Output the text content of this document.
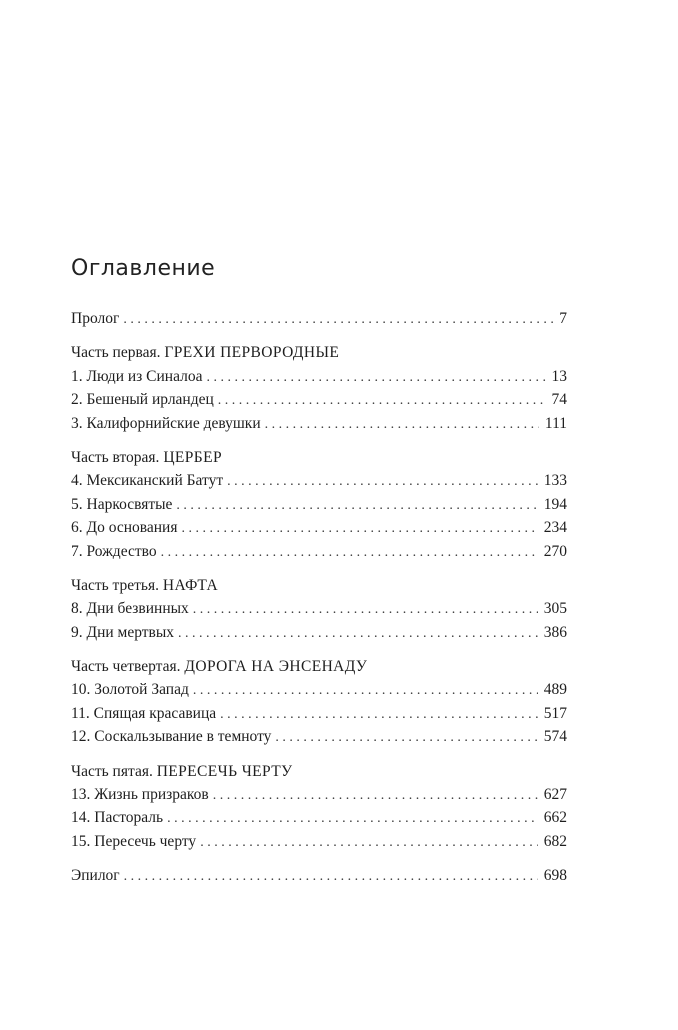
Оглавление
Пролог . . .	7
Часть первая. ГРЕХИ ПЕРВОРОДНЫЕ
1. Люди из Синалоа . . .	13
2. Бешеный ирландец . . .	74
3. Калифорнийские девушки . . .	111
Часть вторая. ЦЕРБЕР
4. Мексиканский Батут . . .	133
5. Наркосвятые . . .	194
6. До основания . . .	234
7. Рождество . . .	270
Часть третья. НАФТА
8. Дни безвинных . . .	305
9. Дни мертвых . . .	386
Часть четвертая. ДОРОГА НА ЭНСЕНАДУ
10. Золотой Запад . . .	489
11. Спящая красавица . . .	517
12. Соскальзывание в темноту . . .	574
Часть пятая. ПЕРЕСЕЧЬ ЧЕРТУ
13. Жизнь призраков . . .	627
14. Пастораль . . .	662
15. Пересечь черту . . .	682
Эпилог . . .	698
